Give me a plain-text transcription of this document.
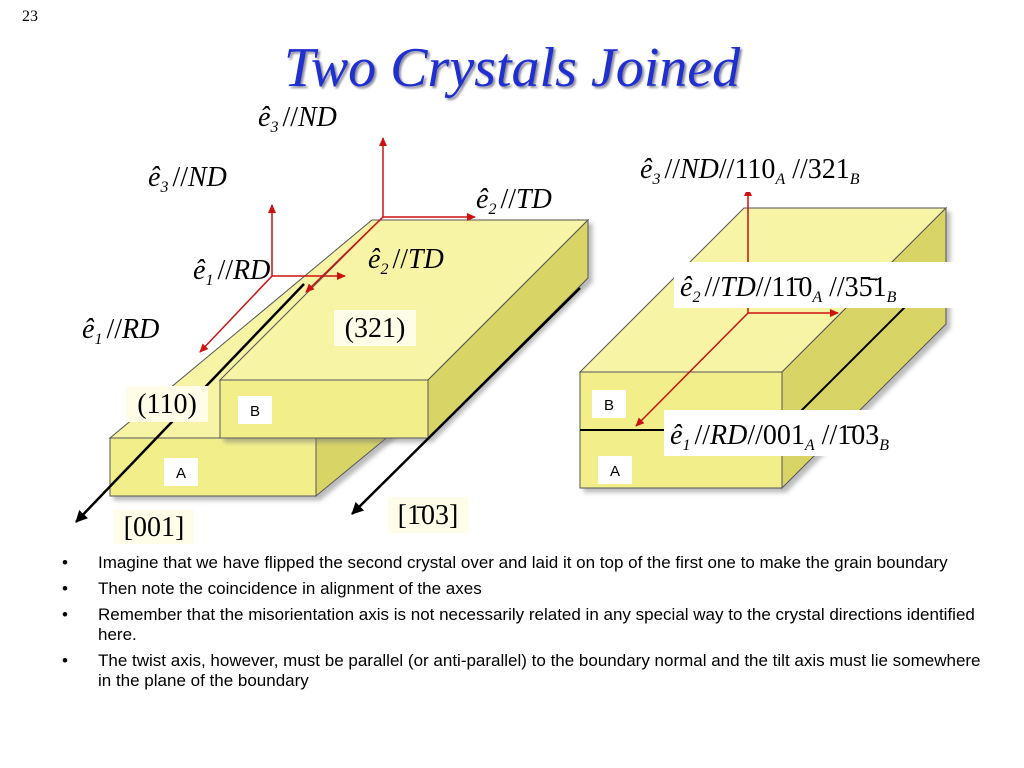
23
Two Crystals Joined
A
B
$ê_3$ //ND
$ê_3$ //ND
$ê_2$ //TD
$ê_2$ //TD
$ê_1$ //RD
$ê_1$ //RD	(321)
(110)
[001]	[1̄03]
B
A
$ê_3$ $//ND//110_A$ $//321_B$
$ê_2$ $//TD//11̄0_A$ $//35̄1_B$
$ê_1$ $//RD//001_A$ $//1̄03_B$
• Imagine that we have flipped the second crystal over and laid it on top of the first one to make the grain boundary
• Then note the coincidence in alignment of the axes
• Remember that the misorientation axis is not necessarily related in any special way to the crystal directions identified here.
• The twist axis, however, must be parallel (or anti-parallel) to the boundary normal and the tilt axis must lie somewhere in the plane of the boundary
